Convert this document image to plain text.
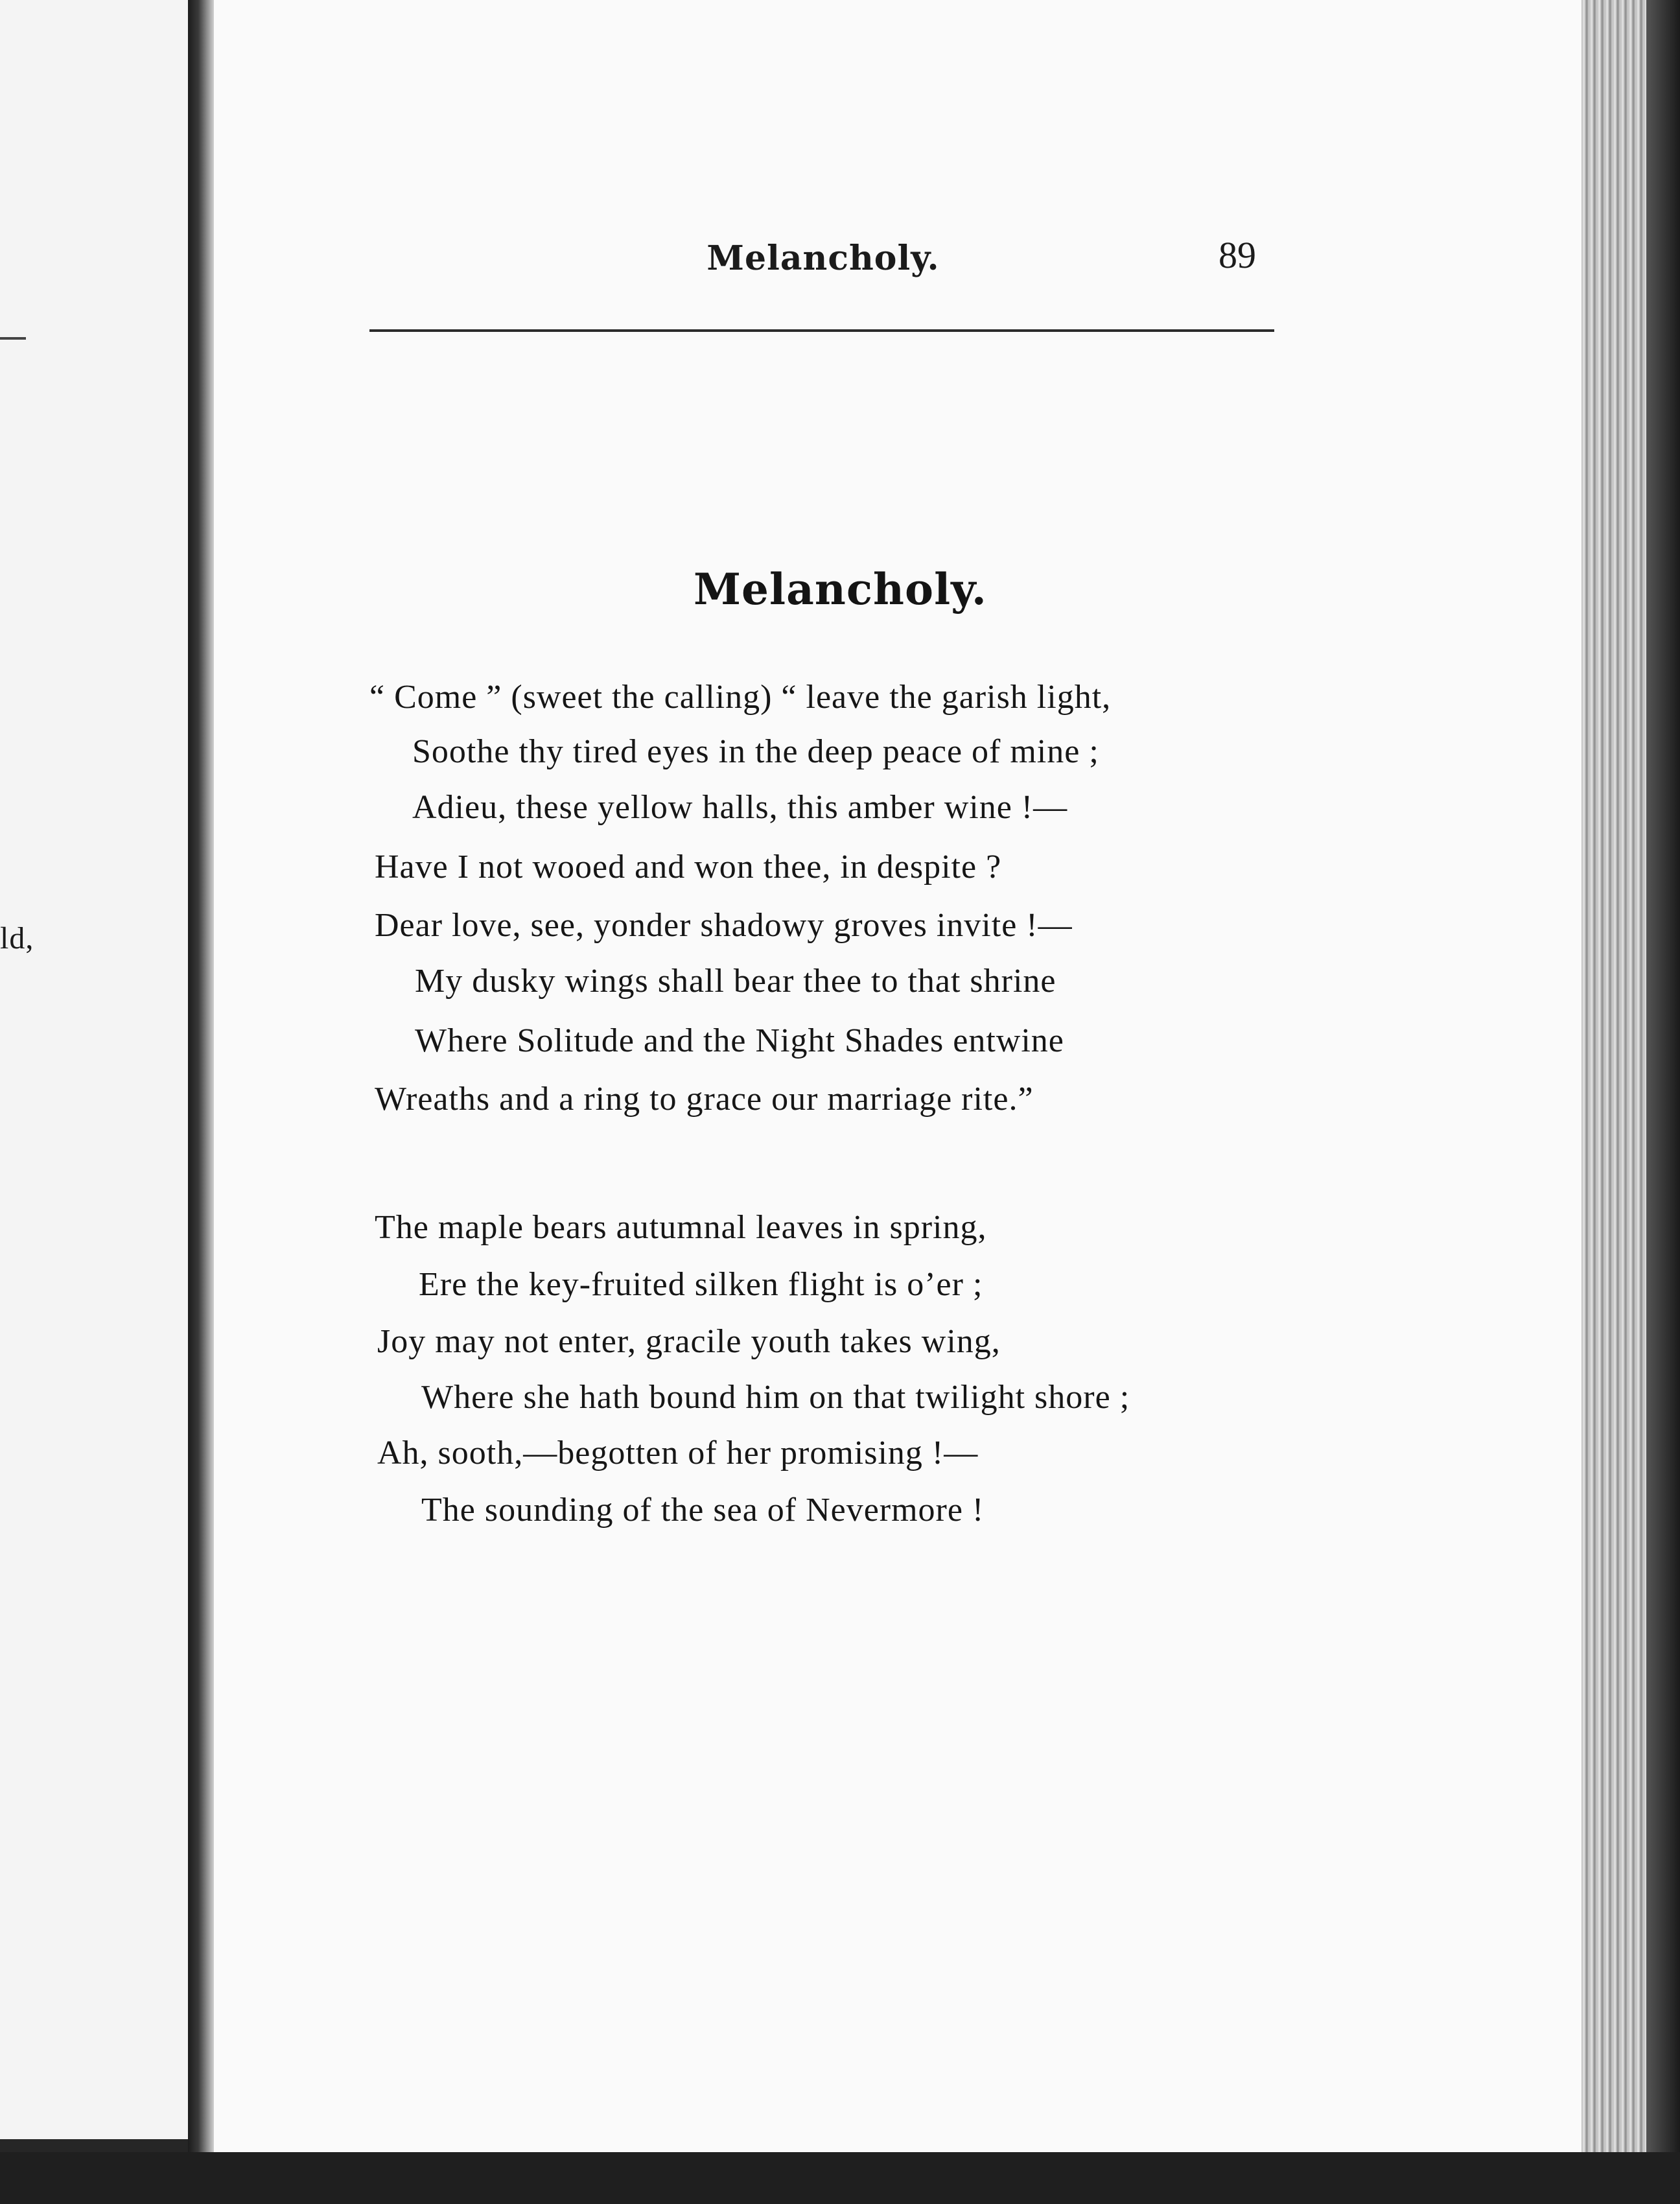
ld,
Melancholy.	89
Melancholy.
“ Come ” (sweet the calling) “ leave the garish light,
Soothe thy tired eyes in the deep peace of mine ;
Adieu, these yellow halls, this amber wine !—
Have I not wooed and won thee, in despite ?
Dear love, see, yonder shadowy groves invite !—
My dusky wings shall bear thee to that shrine
Where Solitude and the Night Shades entwine
Wreaths and a ring to grace our marriage rite.”
The maple bears autumnal leaves in spring,
Ere the key-fruited silken flight is o’er ;
Joy may not enter, gracile youth takes wing,
Where she hath bound him on that twilight shore ;
Ah, sooth,—begotten of her promising !—
The sounding of the sea of Nevermore !
